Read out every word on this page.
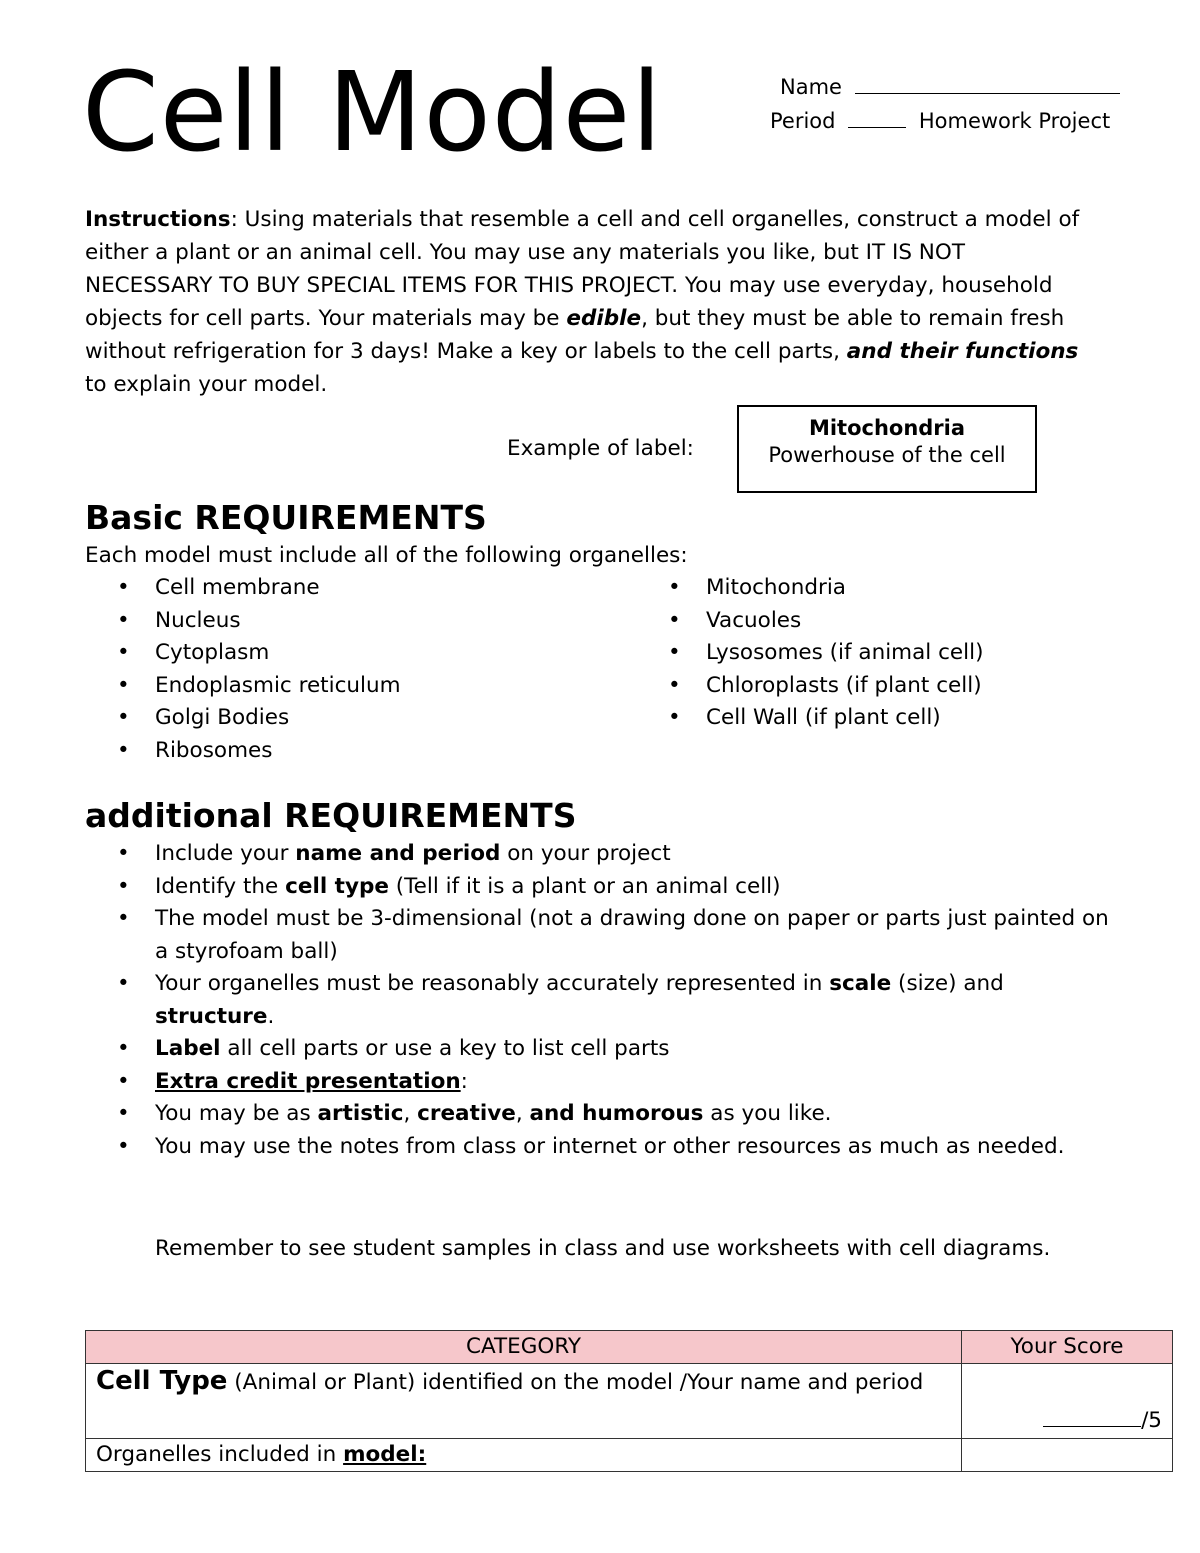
Cell Model	Name
Period	Homework Project
Instructions: Using materials that resemble a cell and cell organelles, construct a model of either a plant or an animal cell. You may use any materials you like, but IT IS NOT NECESSARY TO BUY SPECIAL ITEMS FOR THIS PROJECT. You may use everyday, household objects for cell parts. Your materials may be edible, but they must be able to remain fresh without refrigeration for 3 days! Make a key or labels to the cell parts, and their functions to explain your model.
Example of label:
Mitochondria
Powerhouse of the cell
Basic REQUIREMENTS
Each model must include all of the following organelles:
• Cell membrane
• Nucleus
• Cytoplasm
• Endoplasmic reticulum
• Golgi Bodies
• Ribosomes
• Mitochondria
• Vacuoles
• Lysosomes (if animal cell)
• Chloroplasts (if plant cell)
• Cell Wall (if plant cell)
additional REQUIREMENTS
• Include your name and period on your project
• Identify the cell type (Tell if it is a plant or an animal cell)
• The model must be 3-dimensional (not a drawing done on paper or parts just painted on a styrofoam ball)
• Your organelles must be reasonably accurately represented in scale (size) and structure.
• Label all cell parts or use a key to list cell parts
• Extra credit presentation:
• You may be as artistic, creative, and humorous as you like.
• You may use the notes from class or internet or other resources as much as needed.
Remember to see student samples in class and use worksheets with cell diagrams.
CATEGORY	Your Score
Cell Type (Animal or Plant) identified on the model /Your name and period	/5
Organelles included in model:	
